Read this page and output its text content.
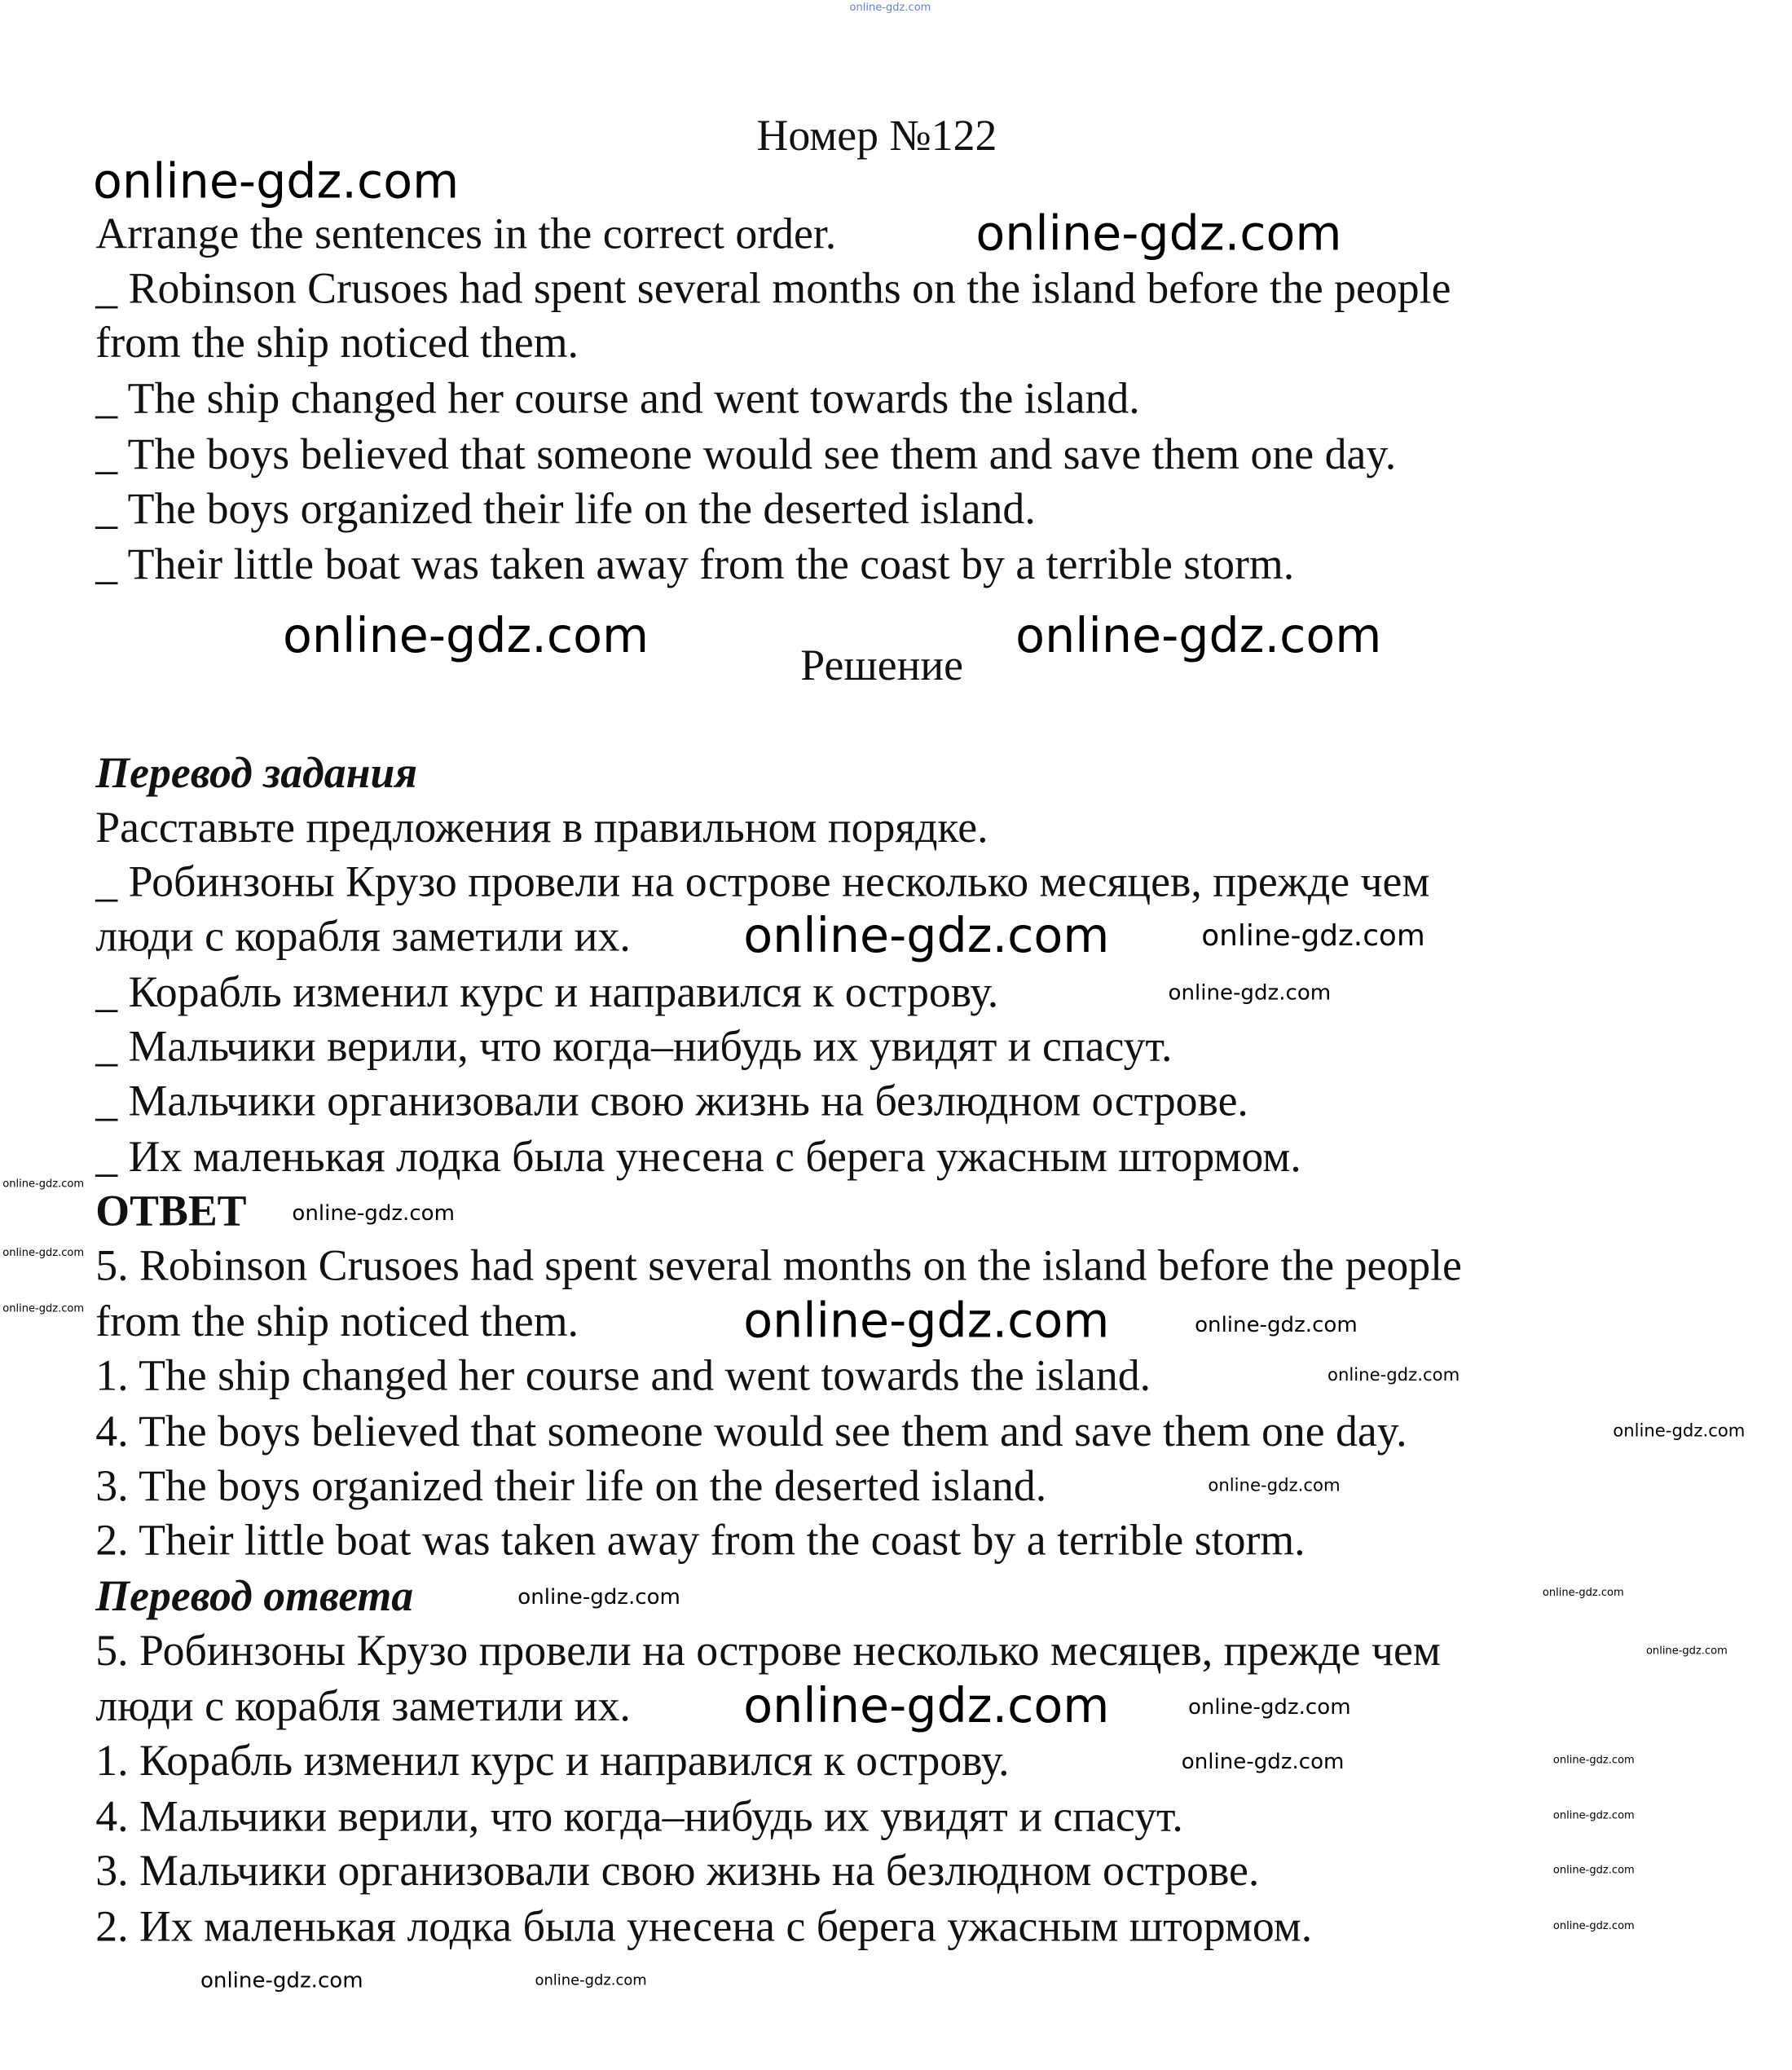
online-gdz.com
Номер №122
Arrange the sentences in the correct order.
_ Robinson Crusoes had spent several months on the island before the people
from the ship noticed them.
_ The ship changed her course and went towards the island.
_ The boys believed that someone would see them and save them one day.
_ The boys organized their life on the deserted island.
_ Their little boat was taken away from the coast by a terrible storm.
Решение
Перевод задания
Расставьте предложения в правильном порядке.
_ Робинзоны Крузо провели на острове несколько месяцев, прежде чем
люди с корабля заметили их.
_ Корабль изменил курс и направился к острову.
_ Мальчики верили, что когда–нибудь их увидят и спасут.
_ Мальчики организовали свою жизнь на безлюдном острове.
_ Их маленькая лодка была унесена с берега ужасным штормом.
ОТВЕТ
5. Robinson Crusoes had spent several months on the island before the people
from the ship noticed them.
1. The ship changed her course and went towards the island.
4. The boys believed that someone would see them and save them one day.
3. The boys organized their life on the deserted island.
2. Their little boat was taken away from the coast by a terrible storm.
Перевод ответа
5. Робинзоны Крузо провели на острове несколько месяцев, прежде чем
люди с корабля заметили их.
1. Корабль изменил курс и направился к острову.
4. Мальчики верили, что когда–нибудь их увидят и спасут.
3. Мальчики организовали свою жизнь на безлюдном острове.
2. Их маленькая лодка была унесена с берега ужасным штормом.
online-gdz.com
online-gdz.com
online-gdz.com	online-gdz.com
online-gdz.com	online-gdz.com
online-gdz.com
online-gdz.com
online-gdz.com
online-gdz.com
online-gdz.com	online-gdz.com	online-gdz.com
online-gdz.com
online-gdz.com
online-gdz.com
online-gdz.com	online-gdz.com
online-gdz.com
online-gdz.com
online-gdz.com
online-gdz.com	online-gdz.com
online-gdz.com
online-gdz.com
online-gdz.com	online-gdz.com
online-gdz.com
